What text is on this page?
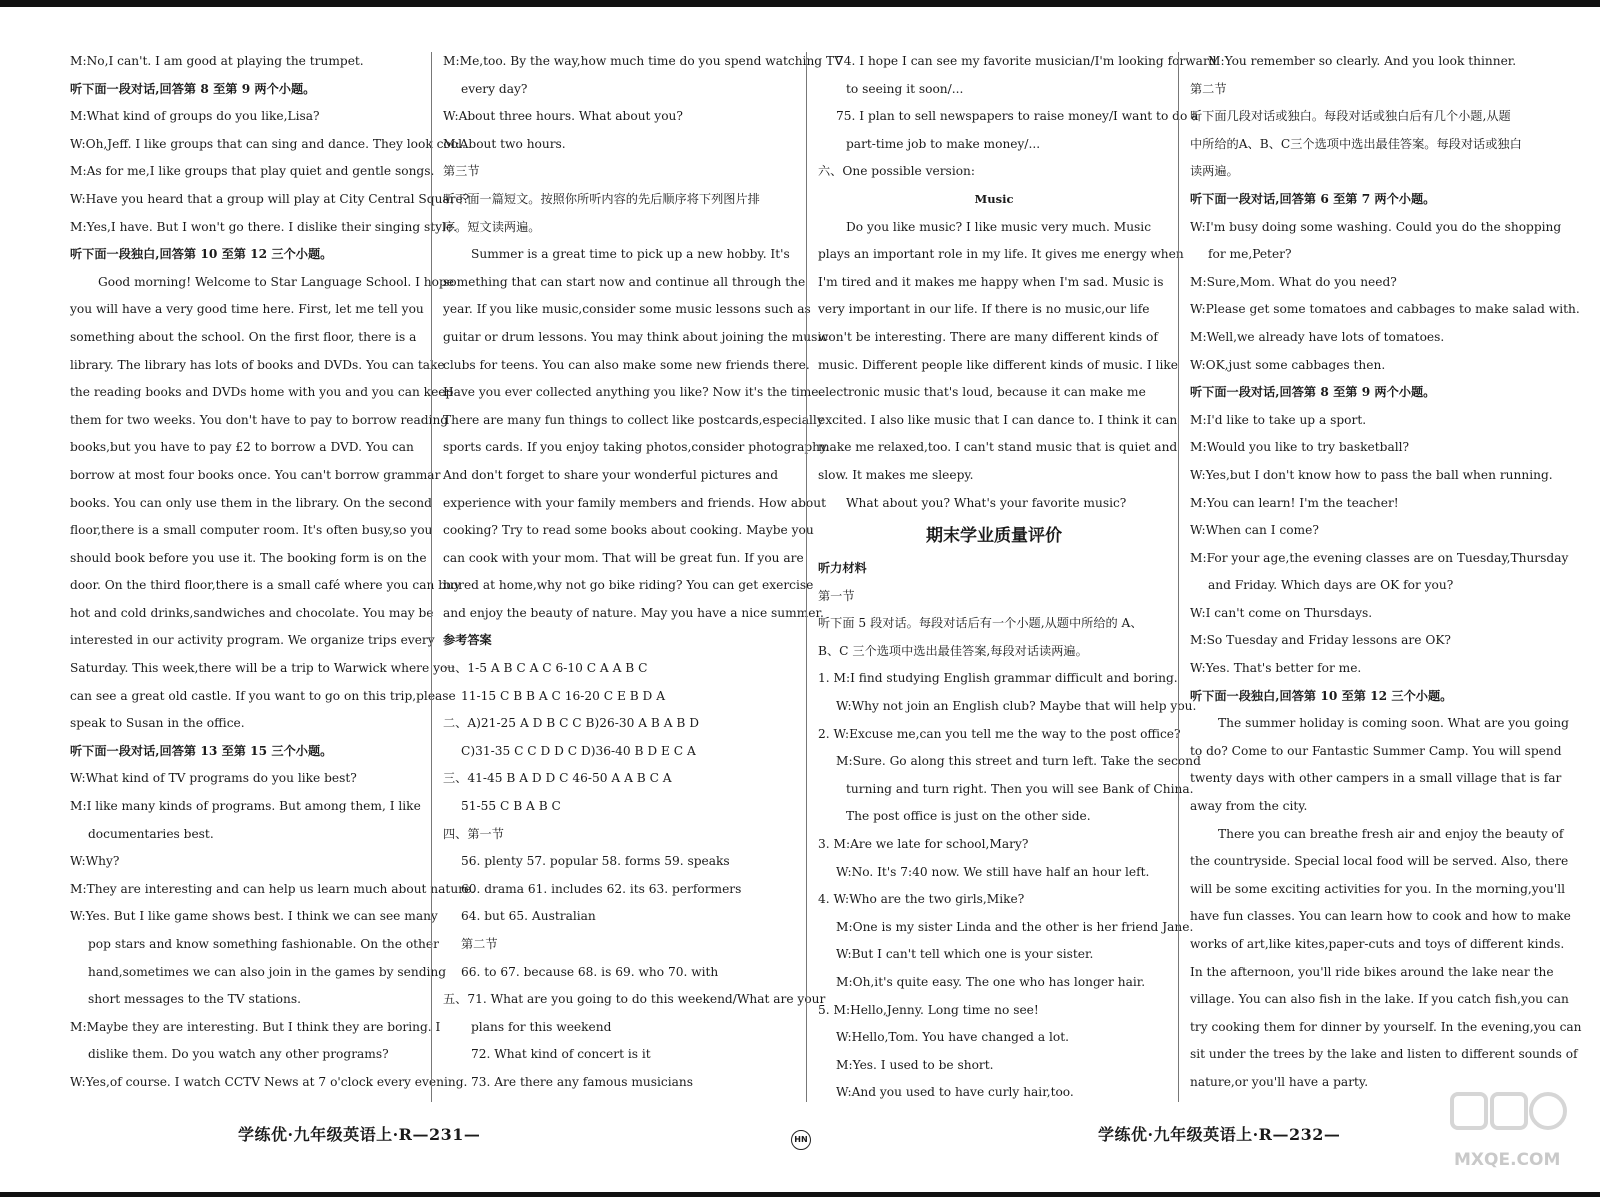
M:No,I can't. I am good at playing the trumpet.
听下面一段对话,回答第 8 至第 9 两个小题。
M:What kind of groups do you like,Lisa?
W:Oh,Jeff. I like groups that can sing and dance. They look cool.
M:As for me,I like groups that play quiet and gentle songs.
W:Have you heard that a group will play at City Central Square?
M:Yes,I have. But I won't go there. I dislike their singing style.
听下面一段独白,回答第 10 至第 12 三个小题。
Good morning! Welcome to Star Language School. I hope
you will have a very good time here. First, let me tell you
something about the school. On the first floor, there is a
library. The library has lots of books and DVDs. You can take
the reading books and DVDs home with you and you can keep
them for two weeks. You don't have to pay to borrow reading
books,but you have to pay £2 to borrow a DVD. You can
borrow at most four books once. You can't borrow grammar
books. You can only use them in the library. On the second
floor,there is a small computer room. It's often busy,so you
should book before you use it. The booking form is on the
door. On the third floor,there is a small café where you can buy
hot and cold drinks,sandwiches and chocolate. You may be
interested in our activity program. We organize trips every
Saturday. This week,there will be a trip to Warwick where you
can see a great old castle. If you want to go on this trip,please
speak to Susan in the office.
听下面一段对话,回答第 13 至第 15 三个小题。
W:What kind of TV programs do you like best?
M:I like many kinds of programs. But among them, I like
documentaries best.
W:Why?
M:They are interesting and can help us learn much about nature.
W:Yes. But I like game shows best. I think we can see many
pop stars and know something fashionable. On the other
hand,sometimes we can also join in the games by sending
short messages to the TV stations.
M:Maybe they are interesting. But I think they are boring. I
dislike them. Do you watch any other programs?
W:Yes,of course. I watch CCTV News at 7 o'clock every evening.
M:Me,too. By the way,how much time do you spend watching TV
every day?
W:About three hours. What about you?
M:About two hours.
第三节
听下面一篇短文。按照你所听内容的先后顺序将下列图片排
序。短文读两遍。
Summer is a great time to pick up a new hobby. It's
something that can start now and continue all through the
year. If you like music,consider some music lessons such as
guitar or drum lessons. You may think about joining the music
clubs for teens. You can also make some new friends there.
Have you ever collected anything you like? Now it's the time.
There are many fun things to collect like postcards,especially
sports cards. If you enjoy taking photos,consider photography.
And don't forget to share your wonderful pictures and
experience with your family members and friends. How about
cooking? Try to read some books about cooking. Maybe you
can cook with your mom. That will be great fun. If you are
bored at home,why not go bike riding? You can get exercise
and enjoy the beauty of nature. May you have a nice summer.
参考答案
一、1-5 A B C A C 6-10 C A A B C
11-15 C B B A C 16-20 C E B D A
二、A)21-25 A D B C C B)26-30 A B A B D
C)31-35 C C D D C D)36-40 B D E C A
三、41-45 B A D D C 46-50 A A B C A
51-55 C B A B C
四、第一节
56. plenty 57. popular 58. forms 59. speaks
60. drama 61. includes 62. its 63. performers
64. but 65. Australian
第二节
66. to 67. because 68. is 69. who 70. with
五、71. What are you going to do this weekend/What are your
plans for this weekend
72. What kind of concert is it
73. Are there any famous musicians
74. I hope I can see my favorite musician/I'm looking forward
to seeing it soon/...
75. I plan to sell newspapers to raise money/I want to do a
part-time job to make money/...
六、One possible version:
Music
Do you like music? I like music very much. Music
plays an important role in my life. It gives me energy when
I'm tired and it makes me happy when I'm sad. Music is
very important in our life. If there is no music,our life
won't be interesting. There are many different kinds of
music. Different people like different kinds of music. I like
electronic music that's loud, because it can make me
excited. I also like music that I can dance to. I think it can
make me relaxed,too. I can't stand music that is quiet and
slow. It makes me sleepy.
What about you? What's your favorite music?
期末学业质量评价
听力材料
第一节
听下面 5 段对话。每段对话后有一个小题,从题中所给的 A、
B、C 三个选项中选出最佳答案,每段对话读两遍。
1. M:I find studying English grammar difficult and boring.
W:Why not join an English club? Maybe that will help you.
2. W:Excuse me,can you tell me the way to the post office?
M:Sure. Go along this street and turn left. Take the second
turning and turn right. Then you will see Bank of China.
The post office is just on the other side.
3. M:Are we late for school,Mary?
W:No. It's 7:40 now. We still have half an hour left.
4. W:Who are the two girls,Mike?
M:One is my sister Linda and the other is her friend Jane.
W:But I can't tell which one is your sister.
M:Oh,it's quite easy. The one who has longer hair.
5. M:Hello,Jenny. Long time no see!
W:Hello,Tom. You have changed a lot.
M:Yes. I used to be short.
W:And you used to have curly hair,too.
M:You remember so clearly. And you look thinner.
第二节
听下面几段对话或独白。每段对话或独白后有几个小题,从题
中所给的A、B、C三个选项中选出最佳答案。每段对话或独白
读两遍。
听下面一段对话,回答第 6 至第 7 两个小题。
W:I'm busy doing some washing. Could you do the shopping
for me,Peter?
M:Sure,Mom. What do you need?
W:Please get some tomatoes and cabbages to make salad with.
M:Well,we already have lots of tomatoes.
W:OK,just some cabbages then.
听下面一段对话,回答第 8 至第 9 两个小题。
M:I'd like to take up a sport.
M:Would you like to try basketball?
W:Yes,but I don't know how to pass the ball when running.
M:You can learn! I'm the teacher!
W:When can I come?
M:For your age,the evening classes are on Tuesday,Thursday
and Friday. Which days are OK for you?
W:I can't come on Thursdays.
M:So Tuesday and Friday lessons are OK?
W:Yes. That's better for me.
听下面一段独白,回答第 10 至第 12 三个小题。
The summer holiday is coming soon. What are you going
to do? Come to our Fantastic Summer Camp. You will spend
twenty days with other campers in a small village that is far
away from the city.
There you can breathe fresh air and enjoy the beauty of
the countryside. Special local food will be served. Also, there
will be some exciting activities for you. In the morning,you'll
have fun classes. You can learn how to cook and how to make
works of art,like kites,paper-cuts and toys of different kinds.
In the afternoon, you'll ride bikes around the lake near the
village. You can also fish in the lake. If you catch fish,you can
try cooking them for dinner by yourself. In the evening,you can
sit under the trees by the lake and listen to different sounds of
nature,or you'll have a party.
学练优·九年级英语上·R—231—	HN	学练优·九年级英语上·R—232—
MXQE.COM
